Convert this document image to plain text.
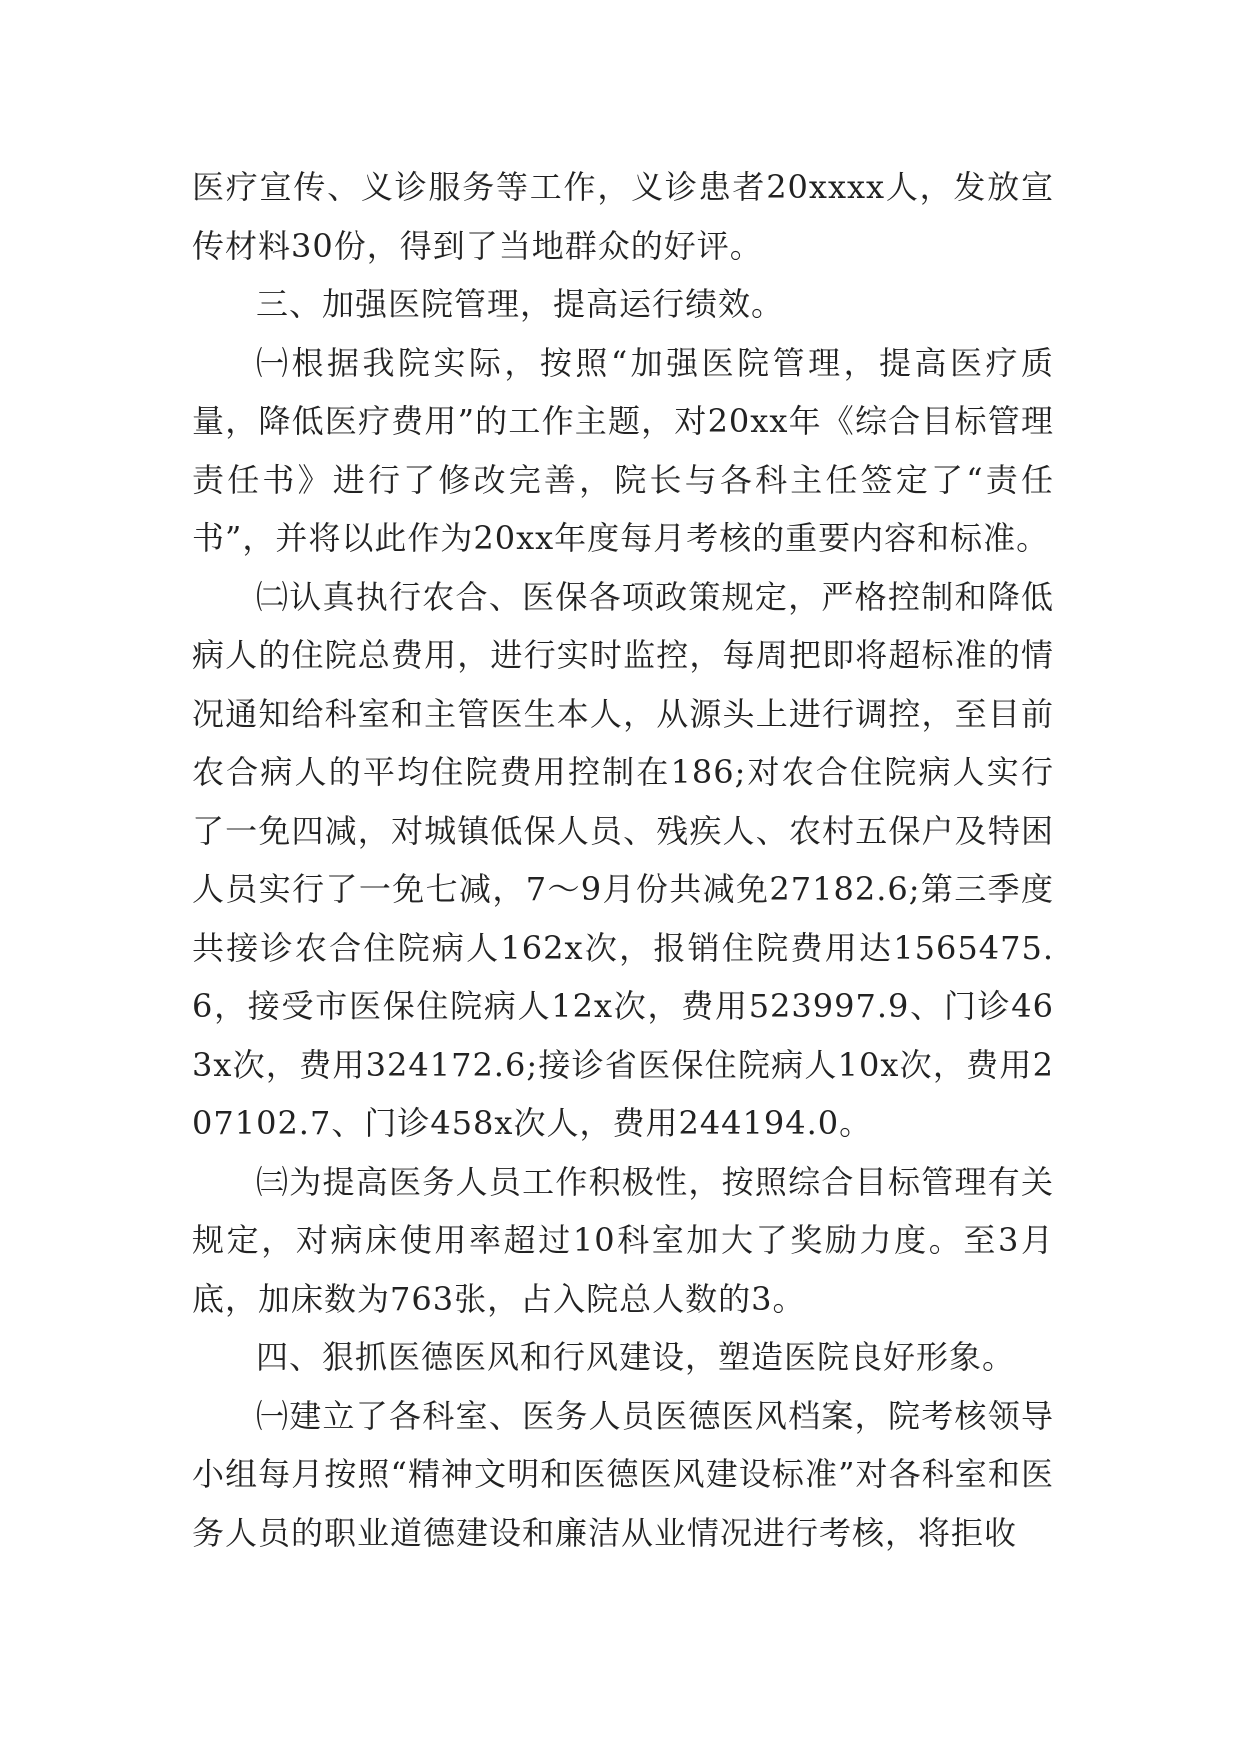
医疗宣传、义诊服务等工作，义诊患者20xxxx人，发放宣传材料30份，得到了当地群众的好评。

三、加强医院管理，提高运行绩效。

㈠根据我院实际，按照“加强医院管理，提高医疗质量，降低医疗费用”的工作主题，对20xx年《综合目标管理责任书》进行了修改完善，院长与各科主任签定了“责任书”，并将以此作为20xx年度每月考核的重要内容和标准。

㈡认真执行农合、医保各项政策规定，严格控制和降低病人的住院总费用，进行实时监控，每周把即将超标准的情况通知给科室和主管医生本人，从源头上进行调控，至目前农合病人的平均住院费用控制在186;对农合住院病人实行了一免四减，对城镇低保人员、残疾人、农村五保户及特困人员实行了一免七减，7～9月份共减免27182.6;第三季度共接诊农合住院病人162x次，报销住院费用达1565475.6，接受市医保住院病人12x次，费用523997.9、门诊463x次，费用324172.6;接诊省医保住院病人10x次，费用207102.7、门诊458x次人，费用244194.0。

㈢为提高医务人员工作积极性，按照综合目标管理有关规定，对病床使用率超过10科室加大了奖励力度。至3月底，加床数为763张，占入院总人数的3。

四、狠抓医德医风和行风建设，塑造医院良好形象。

㈠建立了各科室、医务人员医德医风档案，院考核领导小组每月按照“精神文明和医德医风建设标准”对各科室和医务人员的职业道德建设和廉洁从业情况进行考核，将拒收
